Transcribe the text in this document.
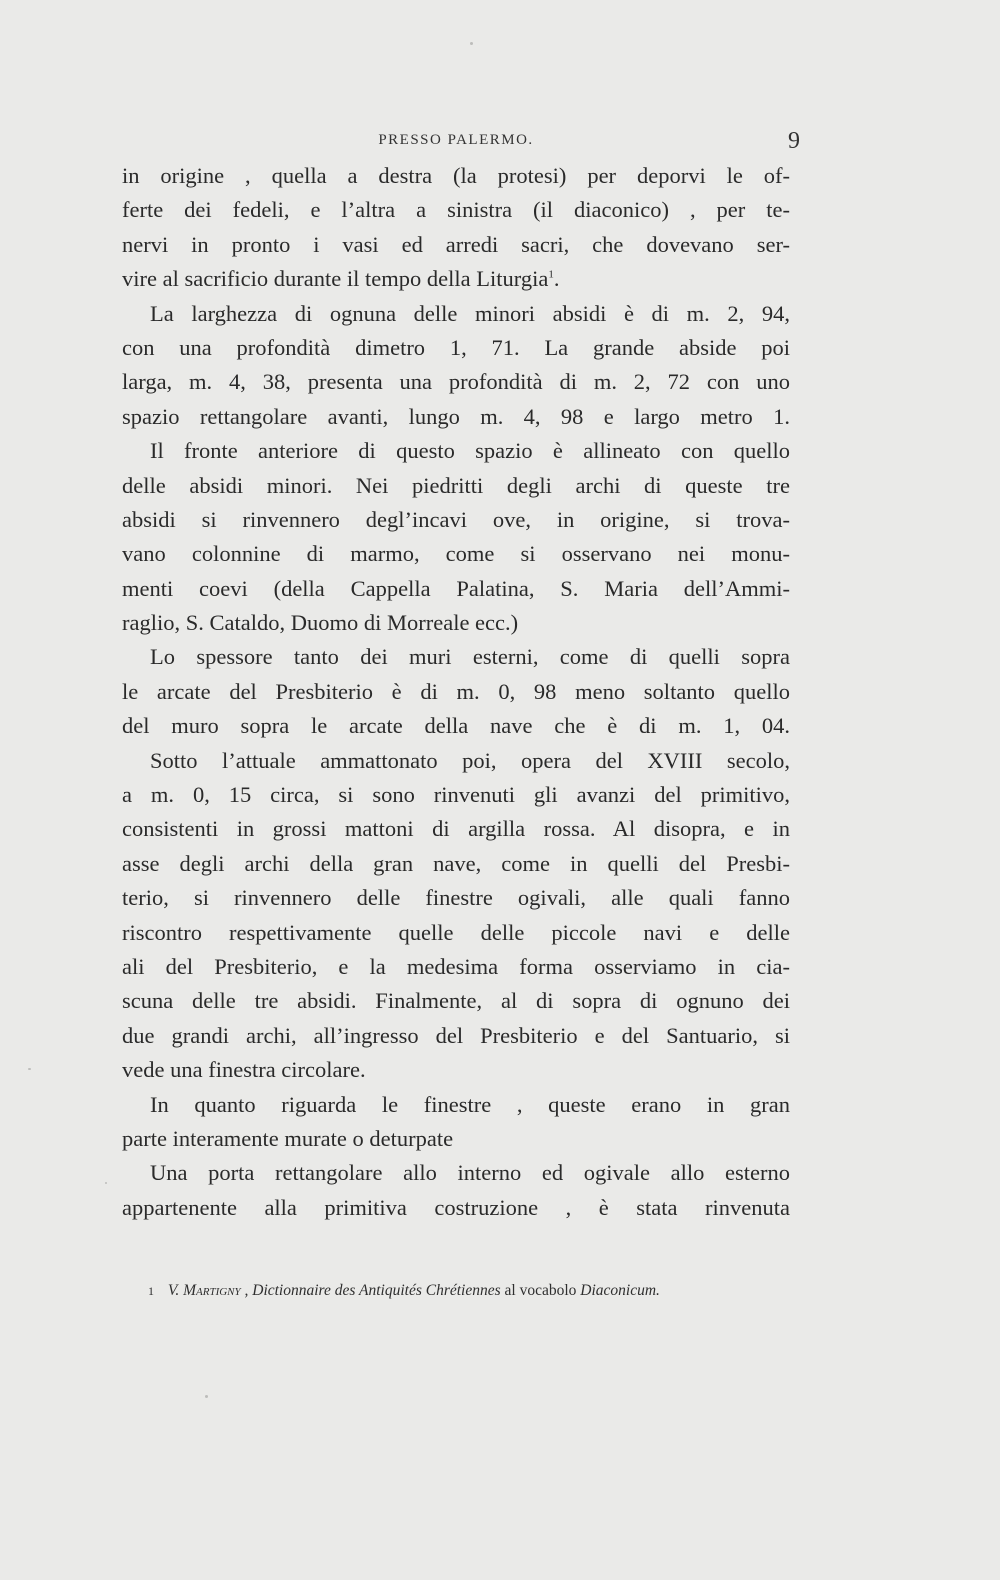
PRESSO PALERMO.	9
in origine , quella a destra (la protesi) per deporvi le of-
ferte dei fedeli, e l’altra a sinistra (il diaconico) , per te-
nervi in pronto i vasi ed arredi sacri, che dovevano ser-
vire al sacrificio durante il tempo della Liturgia$^1$.
La larghezza di ognuna delle minori absidi è di m. 2, 94,
con una profondità dimetro 1, 71. La grande abside poi
larga, m. 4, 38, presenta una profondità di m. 2, 72 con uno
spazio rettangolare avanti, lungo m. 4, 98 e largo metro 1.
Il fronte anteriore di questo spazio è allineato con quello
delle absidi minori. Nei piedritti degli archi di queste tre
absidi si rinvennero degl’incavi ove, in origine, si trova-
vano colonnine di marmo, come si osservano nei monu-
menti coevi (della Cappella Palatina, S. Maria dell’Ammi-
raglio, S. Cataldo, Duomo di Morreale ecc.)
Lo spessore tanto dei muri esterni, come di quelli sopra
le arcate del Presbiterio è di m. 0, 98 meno soltanto quello
del muro sopra le arcate della nave che è di m. 1, 04.
Sotto l’attuale ammattonato poi, opera del XVIII secolo,
a m. 0, 15 circa, si sono rinvenuti gli avanzi del primitivo,
consistenti in grossi mattoni di argilla rossa. Al disopra, e in
asse degli archi della gran nave, come in quelli del Presbi-
terio, si rinvennero delle finestre ogivali, alle quali fanno
riscontro respettivamente quelle delle piccole navi e delle
ali del Presbiterio, e la medesima forma osserviamo in cia-
scuna delle tre absidi. Finalmente, al di sopra di ognuno dei
due grandi archi, all’ingresso del Presbiterio e del Santuario, si
vede una finestra circolare.
In quanto riguarda le finestre , queste erano in gran
parte interamente murate o deturpate
Una porta rettangolare allo interno ed ogivale allo esterno
appartenente alla primitiva costruzione , è stata rinvenuta
1 V. Martigny , Dictionnaire des Antiquités Chrétiennes al vocabolo Diaconicum.
